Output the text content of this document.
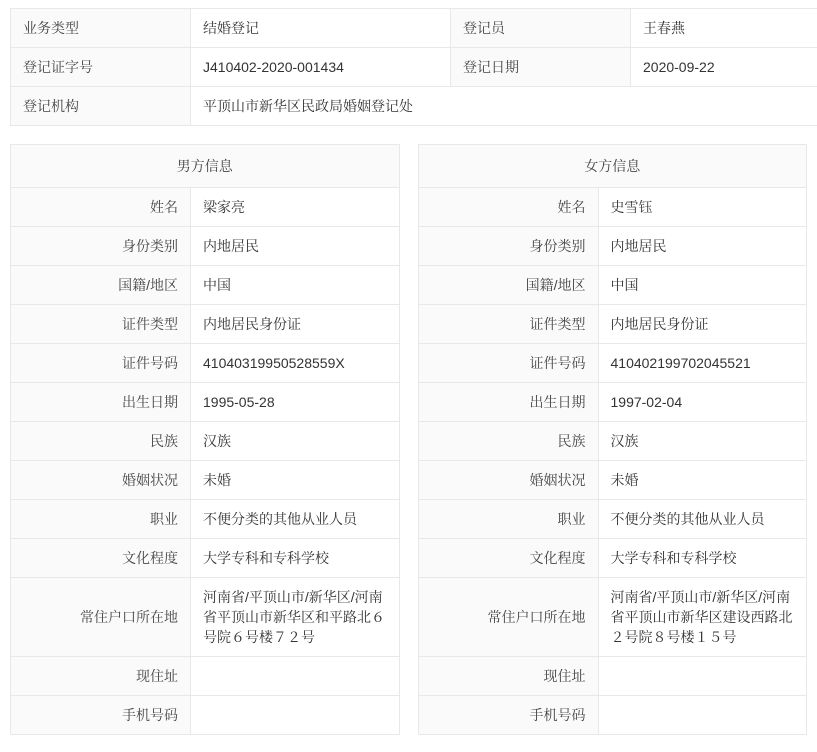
业务类型	结婚登记	登记员	王春燕
登记证字号	J410402-2020-001434	登记日期	2020-09-22
登记机构	平顶山市新华区民政局婚姻登记处		
男方信息
姓名	梁家亮
身份类别	内地居民
国籍/地区	中国
证件类型	内地居民身份证
证件号码	41040319950528559X
出生日期	1995-05-28
民族	汉族
婚姻状况	未婚
职业	不便分类的其他从业人员
文化程度	大学专科和专科学校
常住户口所在地	河南省/平顶山市/新华区/河南省平顶山市新华区和平路北６号院６号楼７２号
现住址	
手机号码	
女方信息
姓名	史雪钰
身份类别	内地居民
国籍/地区	中国
证件类型	内地居民身份证
证件号码	410402199702045521
出生日期	1997-02-04
民族	汉族
婚姻状况	未婚
职业	不便分类的其他从业人员
文化程度	大学专科和专科学校
常住户口所在地	河南省/平顶山市/新华区/河南省平顶山市新华区建设西路北２号院８号楼１５号
现住址	
手机号码	
